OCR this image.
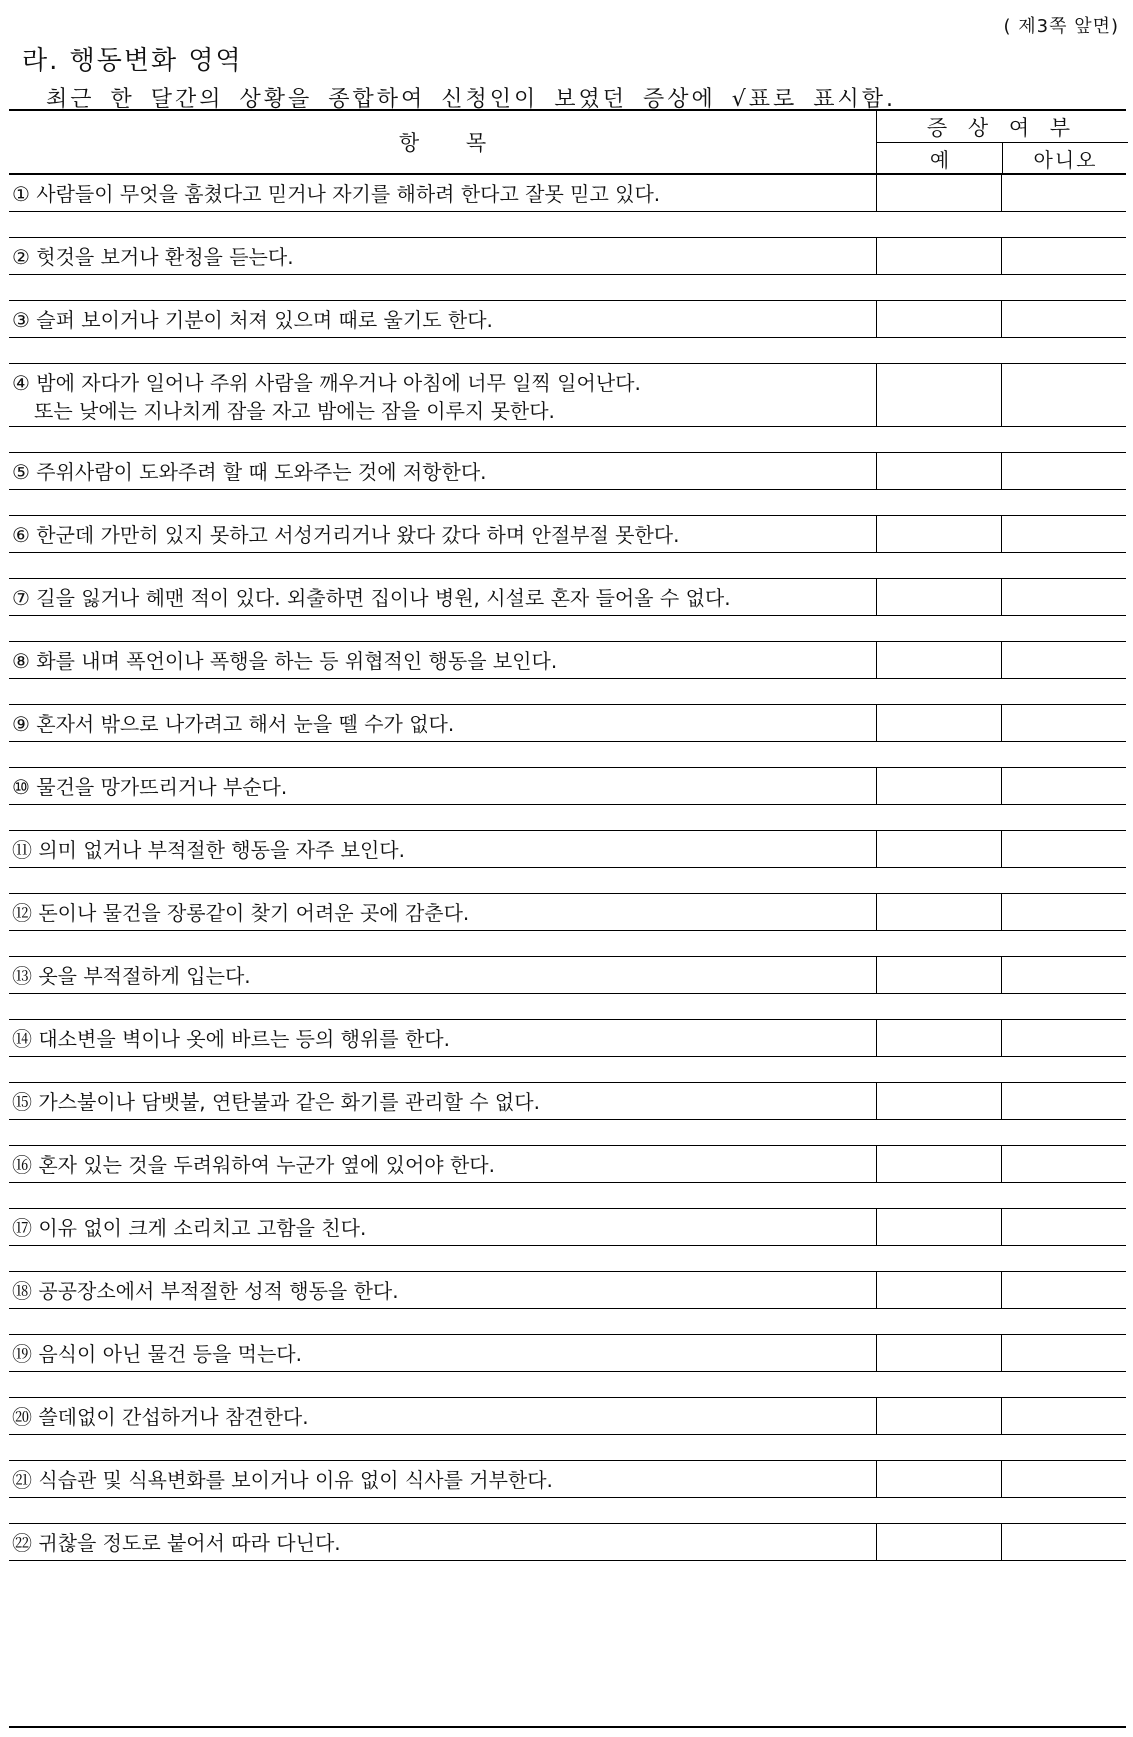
( 제3쪽 앞면)
라. 행동변화 영역
최근 한 달간의 상황을 종합하여 신청인이 보였던 증상에 √표로 표시함.
항 목
증 상 여 부
예	아니오
① 사람들이 무엇을 훔쳤다고 믿거나 자기를 해하려 한다고 잘못 믿고 있다.
② 헛것을 보거나 환청을 듣는다.
③ 슬퍼 보이거나 기분이 처져 있으며 때로 울기도 한다.
④ 밤에 자다가 일어나 주위 사람을 깨우거나 아침에 너무 일찍 일어난다.
또는 낮에는 지나치게 잠을 자고 밤에는 잠을 이루지 못한다.
⑤ 주위사람이 도와주려 할 때 도와주는 것에 저항한다.
⑥ 한군데 가만히 있지 못하고 서성거리거나 왔다 갔다 하며 안절부절 못한다.
⑦ 길을 잃거나 헤맨 적이 있다. 외출하면 집이나 병원, 시설로 혼자 들어올 수 없다.
⑧ 화를 내며 폭언이나 폭행을 하는 등 위협적인 행동을 보인다.
⑨ 혼자서 밖으로 나가려고 해서 눈을 뗄 수가 없다.
⑩ 물건을 망가뜨리거나 부순다.
⑪ 의미 없거나 부적절한 행동을 자주 보인다.
⑫ 돈이나 물건을 장롱같이 찾기 어려운 곳에 감춘다.
⑬ 옷을 부적절하게 입는다.
⑭ 대소변을 벽이나 옷에 바르는 등의 행위를 한다.
⑮ 가스불이나 담뱃불, 연탄불과 같은 화기를 관리할 수 없다.
⑯ 혼자 있는 것을 두려워하여 누군가 옆에 있어야 한다.
⑰ 이유 없이 크게 소리치고 고함을 친다.
⑱ 공공장소에서 부적절한 성적 행동을 한다.
⑲ 음식이 아닌 물건 등을 먹는다.
⑳ 쓸데없이 간섭하거나 참견한다.
㉑ 식습관 및 식욕변화를 보이거나 이유 없이 식사를 거부한다.
㉒ 귀찮을 정도로 붙어서 따라 다닌다.
